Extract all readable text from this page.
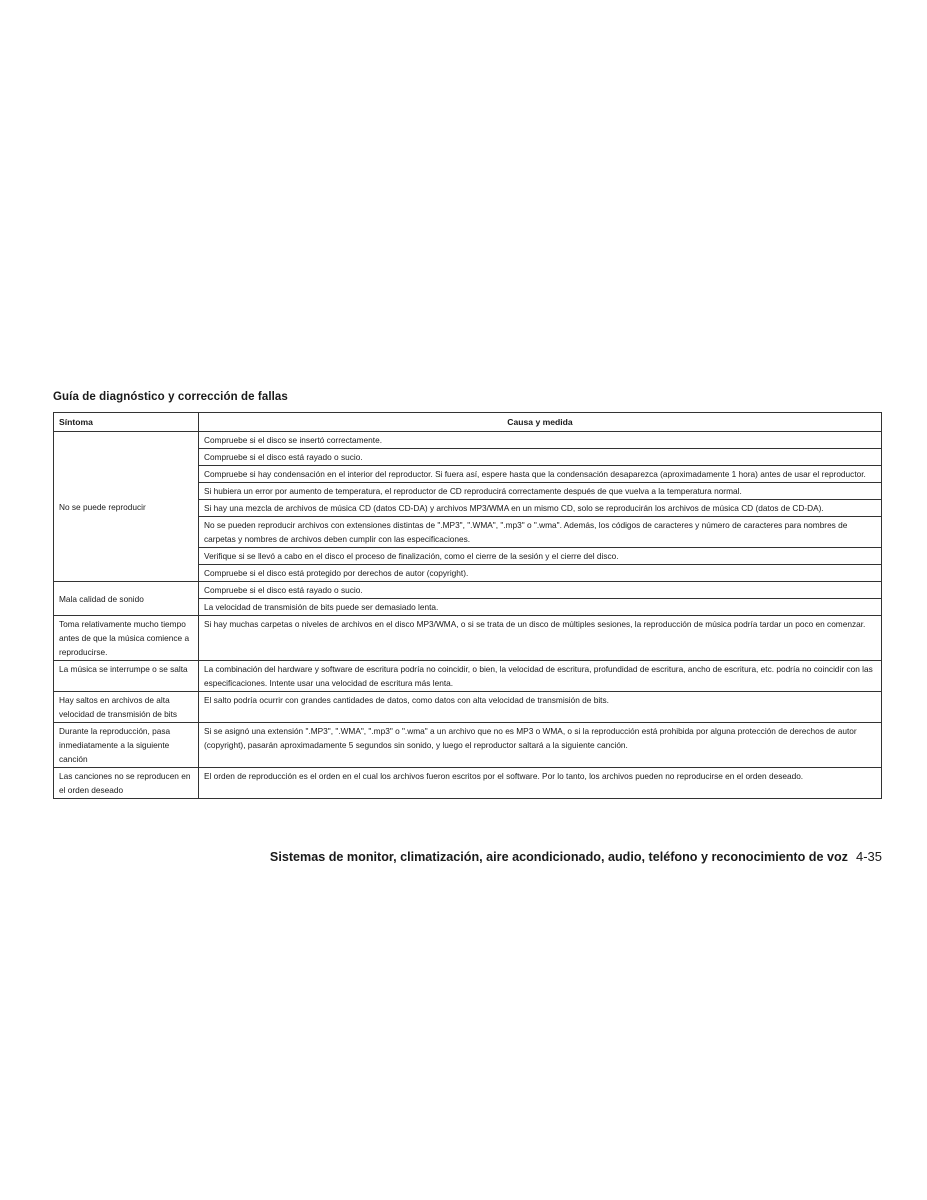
Guía de diagnóstico y corrección de fallas
Síntoma	Causa y medida
No se puede reproducir	Compruebe si el disco se insertó correctamente.
	Compruebe si el disco está rayado o sucio.
	Compruebe si hay condensación en el interior del reproductor. Si fuera así, espere hasta que la condensación desaparezca (aproximadamente 1 hora) antes de usar el reproductor.
	Si hubiera un error por aumento de temperatura, el reproductor de CD reproducirá correctamente después de que vuelva a la temperatura normal.
	Si hay una mezcla de archivos de música CD (datos CD-DA) y archivos MP3/WMA en un mismo CD, solo se reproducirán los archivos de música CD (datos de CD-DA).
	No se pueden reproducir archivos con extensiones distintas de ".MP3", ".WMA", ".mp3" o ".wma". Además, los códigos de caracteres y número de caracteres para nombres de carpetas y nombres de archivos deben cumplir con las especificaciones.
	Verifique si se llevó a cabo en el disco el proceso de finalización, como el cierre de la sesión y el cierre del disco.
	Compruebe si el disco está protegido por derechos de autor (copyright).
Mala calidad de sonido	Compruebe si el disco está rayado o sucio.
	La velocidad de transmisión de bits puede ser demasiado lenta.
Toma relativamente mucho tiempo antes de que la música comience a reproducirse.	Si hay muchas carpetas o niveles de archivos en el disco MP3/WMA, o si se trata de un disco de múltiples sesiones, la reproducción de música podría tardar un poco en comenzar.
La música se interrumpe o se salta	La combinación del hardware y software de escritura podría no coincidir, o bien, la velocidad de escritura, profundidad de escritura, ancho de escritura, etc. podría no coincidir con las especificaciones. Intente usar una velocidad de escritura más lenta.
Hay saltos en archivos de alta velocidad de transmisión de bits	El salto podría ocurrir con grandes cantidades de datos, como datos con alta velocidad de transmisión de bits.
Durante la reproducción, pasa inmediatamente a la siguiente canción	Si se asignó una extensión ".MP3", ".WMA", ".mp3" o ".wma" a un archivo que no es MP3 o WMA, o si la reproducción está prohibida por alguna protección de derechos de autor (copyright), pasarán aproximadamente 5 segundos sin sonido, y luego el reproductor saltará a la siguiente canción.
Las canciones no se reproducen en el orden deseado	El orden de reproducción es el orden en el cual los archivos fueron escritos por el software. Por lo tanto, los archivos pueden no reproducirse en el orden deseado.
Sistemas de monitor, climatización, aire acondicionado, audio, teléfono y reconocimiento de voz 4-35
